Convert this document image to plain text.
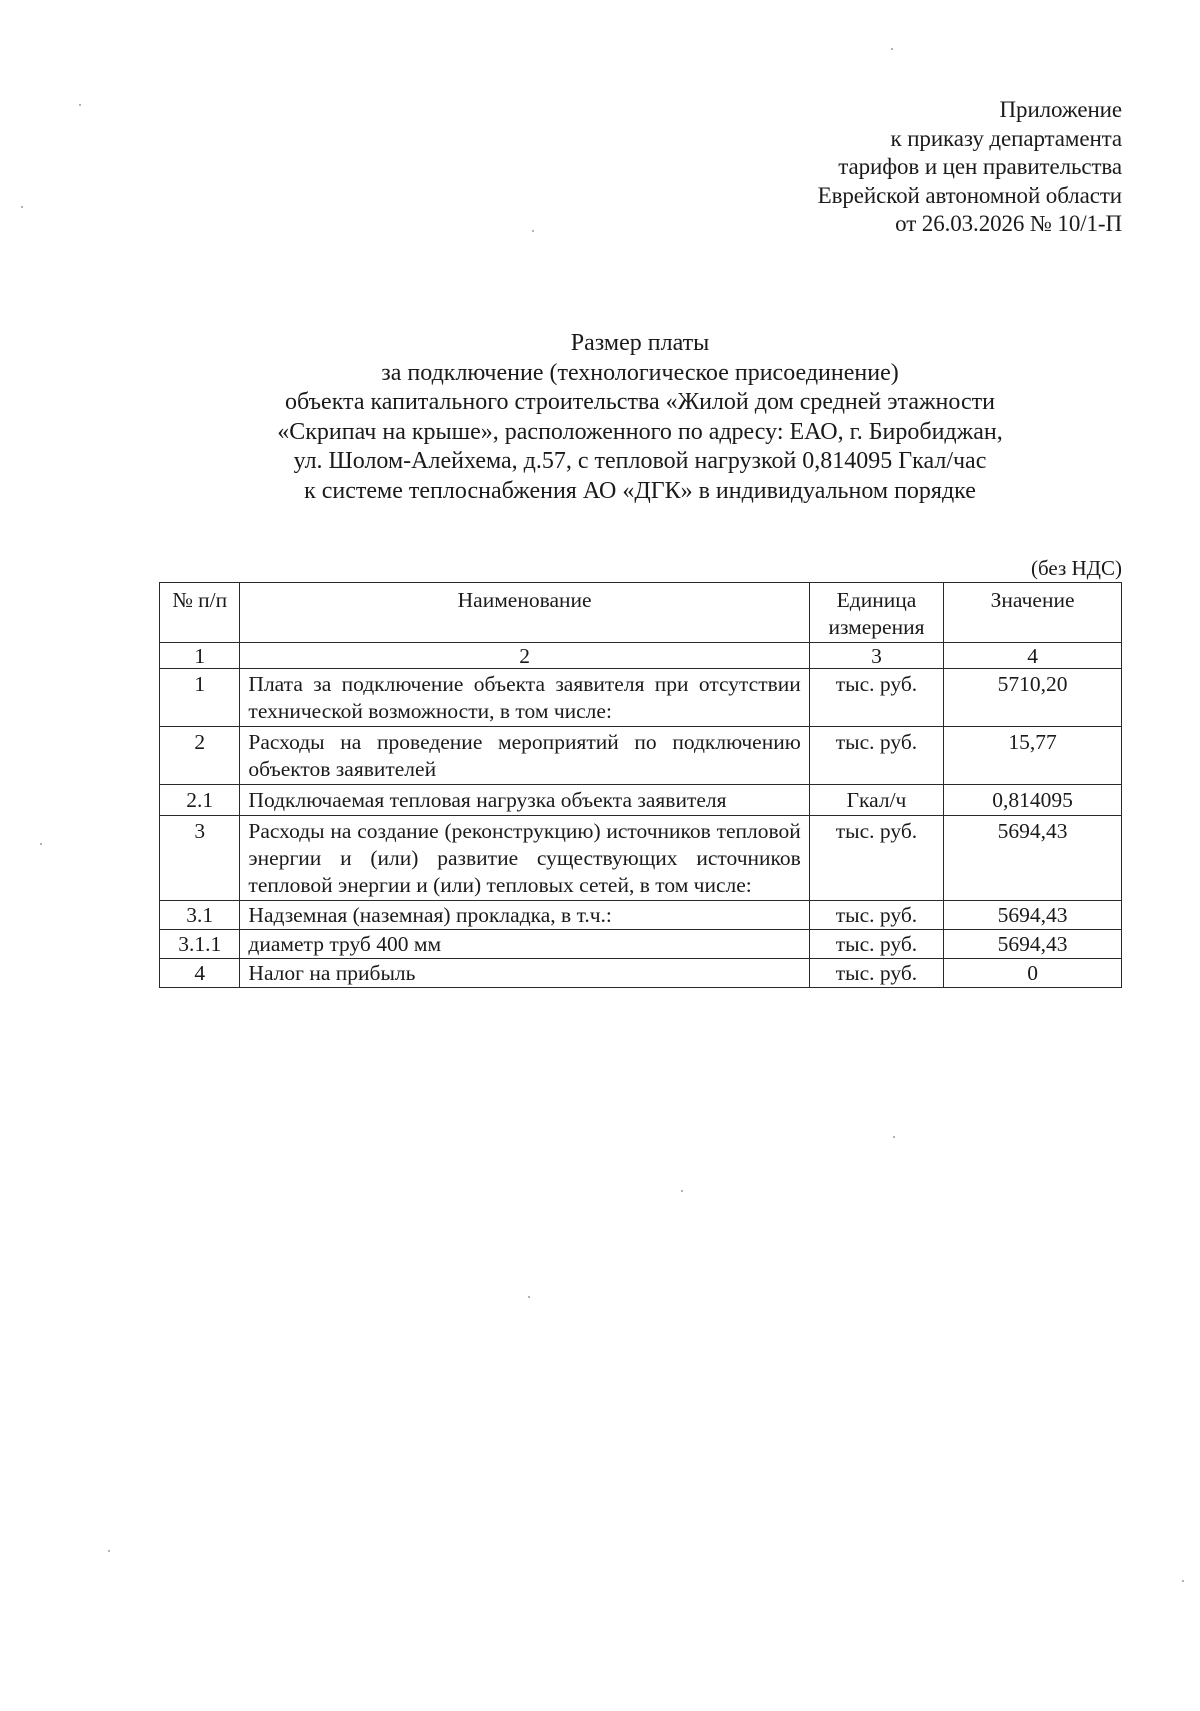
Приложение
к приказу департамента
тарифов и цен правительства
Еврейской автономной области
от 26.03.2026 № 10/1-П
Размер платы
за подключение (технологическое присоединение)
объекта капитального строительства «Жилой дом средней этажности
«Скрипач на крыше», расположенного по адресу: ЕАО, г. Биробиджан,
ул. Шолом-Алейхема, д.57, с тепловой нагрузкой 0,814095 Гкал/час
к системе теплоснабжения АО «ДГК» в индивидуальном порядке
(без НДС)
№ п/п	Наименование	Единица измерения	Значение
1	2	3	4
1	Плата за подключение объекта заявителя при отсутствии технической возможности, в том числе:	тыс. руб.	5710,20
2	Расходы на проведение мероприятий по подключению объектов заявителей	тыс. руб.	15,77
2.1	Подключаемая тепловая нагрузка объекта заявителя	Гкал/ч	0,814095
3	Расходы на создание (реконструкцию) источников тепловой энергии и (или) развитие существующих источников тепловой энергии и (или) тепловых сетей, в том числе:	тыс. руб.	5694,43
3.1	Надземная (наземная) прокладка, в т.ч.:	тыс. руб.	5694,43
3.1.1	диаметр труб 400 мм	тыс. руб.	5694,43
4	Налог на прибыль	тыс. руб.	0
